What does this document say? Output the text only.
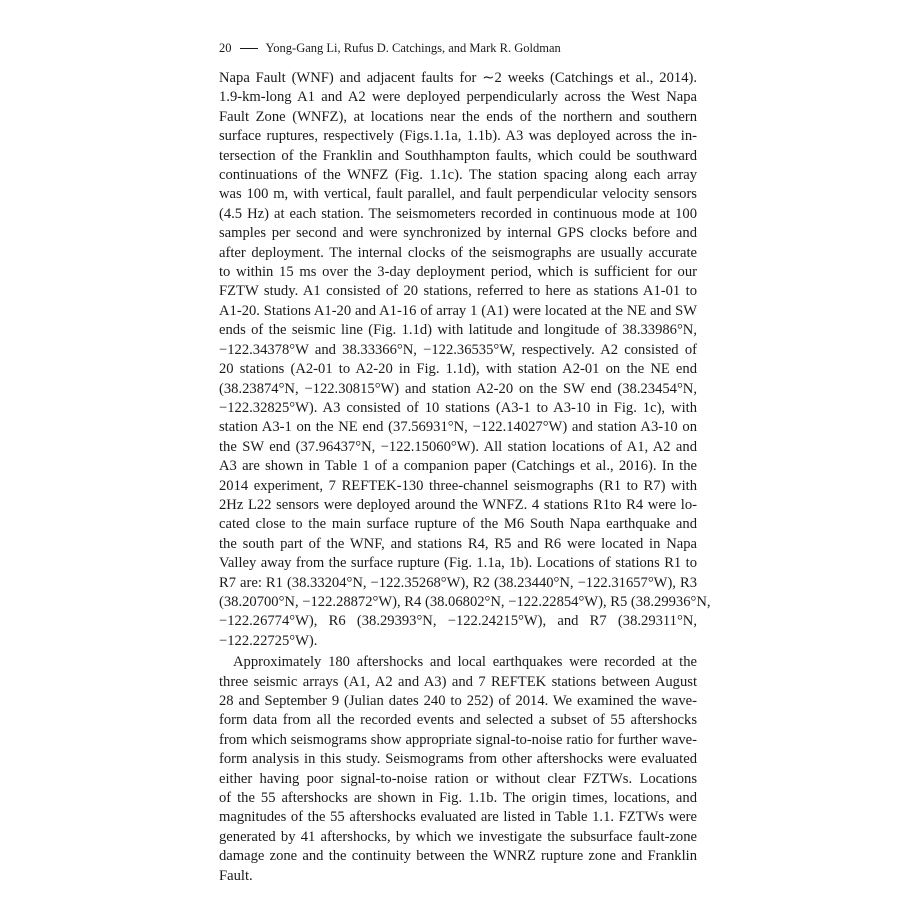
20	Yong-Gang Li, Rufus D. Catchings, and Mark R. Goldman
Napa Fault (WNF) and adjacent faults for ∼2 weeks (Catchings et al., 2014).
1.9-km-long A1 and A2 were deployed perpendicularly across the West Napa
Fault Zone (WNFZ), at locations near the ends of the northern and southern
surface ruptures, respectively (Figs.1.1a, 1.1b). A3 was deployed across the in-
tersection of the Franklin and Southhampton faults, which could be southward
continuations of the WNFZ (Fig. 1.1c). The station spacing along each array
was 100 m, with vertical, fault parallel, and fault perpendicular velocity sensors
(4.5 Hz) at each station. The seismometers recorded in continuous mode at 100
samples per second and were synchronized by internal GPS clocks before and
after deployment. The internal clocks of the seismographs are usually accurate
to within 15 ms over the 3-day deployment period, which is sufficient for our
FZTW study. A1 consisted of 20 stations, referred to here as stations A1-01 to
A1-20. Stations A1-20 and A1-16 of array 1 (A1) were located at the NE and SW
ends of the seismic line (Fig. 1.1d) with latitude and longitude of 38.33986°N,
−122.34378°W and 38.33366°N, −122.36535°W, respectively. A2 consisted of
20 stations (A2-01 to A2-20 in Fig. 1.1d), with station A2-01 on the NE end
(38.23874°N, −122.30815°W) and station A2-20 on the SW end (38.23454°N,
−122.32825°W). A3 consisted of 10 stations (A3-1 to A3-10 in Fig. 1c), with
station A3-1 on the NE end (37.56931°N, −122.14027°W) and station A3-10 on
the SW end (37.96437°N, −122.15060°W). All station locations of A1, A2 and
A3 are shown in Table 1 of a companion paper (Catchings et al., 2016). In the
2014 experiment, 7 REFTEK-130 three-channel seismographs (R1 to R7) with
2Hz L22 sensors were deployed around the WNFZ. 4 stations R1to R4 were lo-
cated close to the main surface rupture of the M6 South Napa earthquake and
the south part of the WNF, and stations R4, R5 and R6 were located in Napa
Valley away from the surface rupture (Fig. 1.1a, 1b). Locations of stations R1 to
R7 are: R1 (38.33204°N, −122.35268°W), R2 (38.23440°N, −122.31657°W), R3
(38.20700°N, −122.28872°W), R4 (38.06802°N, −122.22854°W), R5 (38.29936°N,
−122.26774°W), R6 (38.29393°N, −122.24215°W), and R7 (38.29311°N,
−122.22725°W).
Approximately 180 aftershocks and local earthquakes were recorded at the
three seismic arrays (A1, A2 and A3) and 7 REFTEK stations between August
28 and September 9 (Julian dates 240 to 252) of 2014. We examined the wave-
form data from all the recorded events and selected a subset of 55 aftershocks
from which seismograms show appropriate signal-to-noise ratio for further wave-
form analysis in this study. Seismograms from other aftershocks were evaluated
either having poor signal-to-noise ration or without clear FZTWs. Locations
of the 55 aftershocks are shown in Fig. 1.1b. The origin times, locations, and
magnitudes of the 55 aftershocks evaluated are listed in Table 1.1. FZTWs were
generated by 41 aftershocks, by which we investigate the subsurface fault-zone
damage zone and the continuity between the WNRZ rupture zone and Franklin
Fault.
